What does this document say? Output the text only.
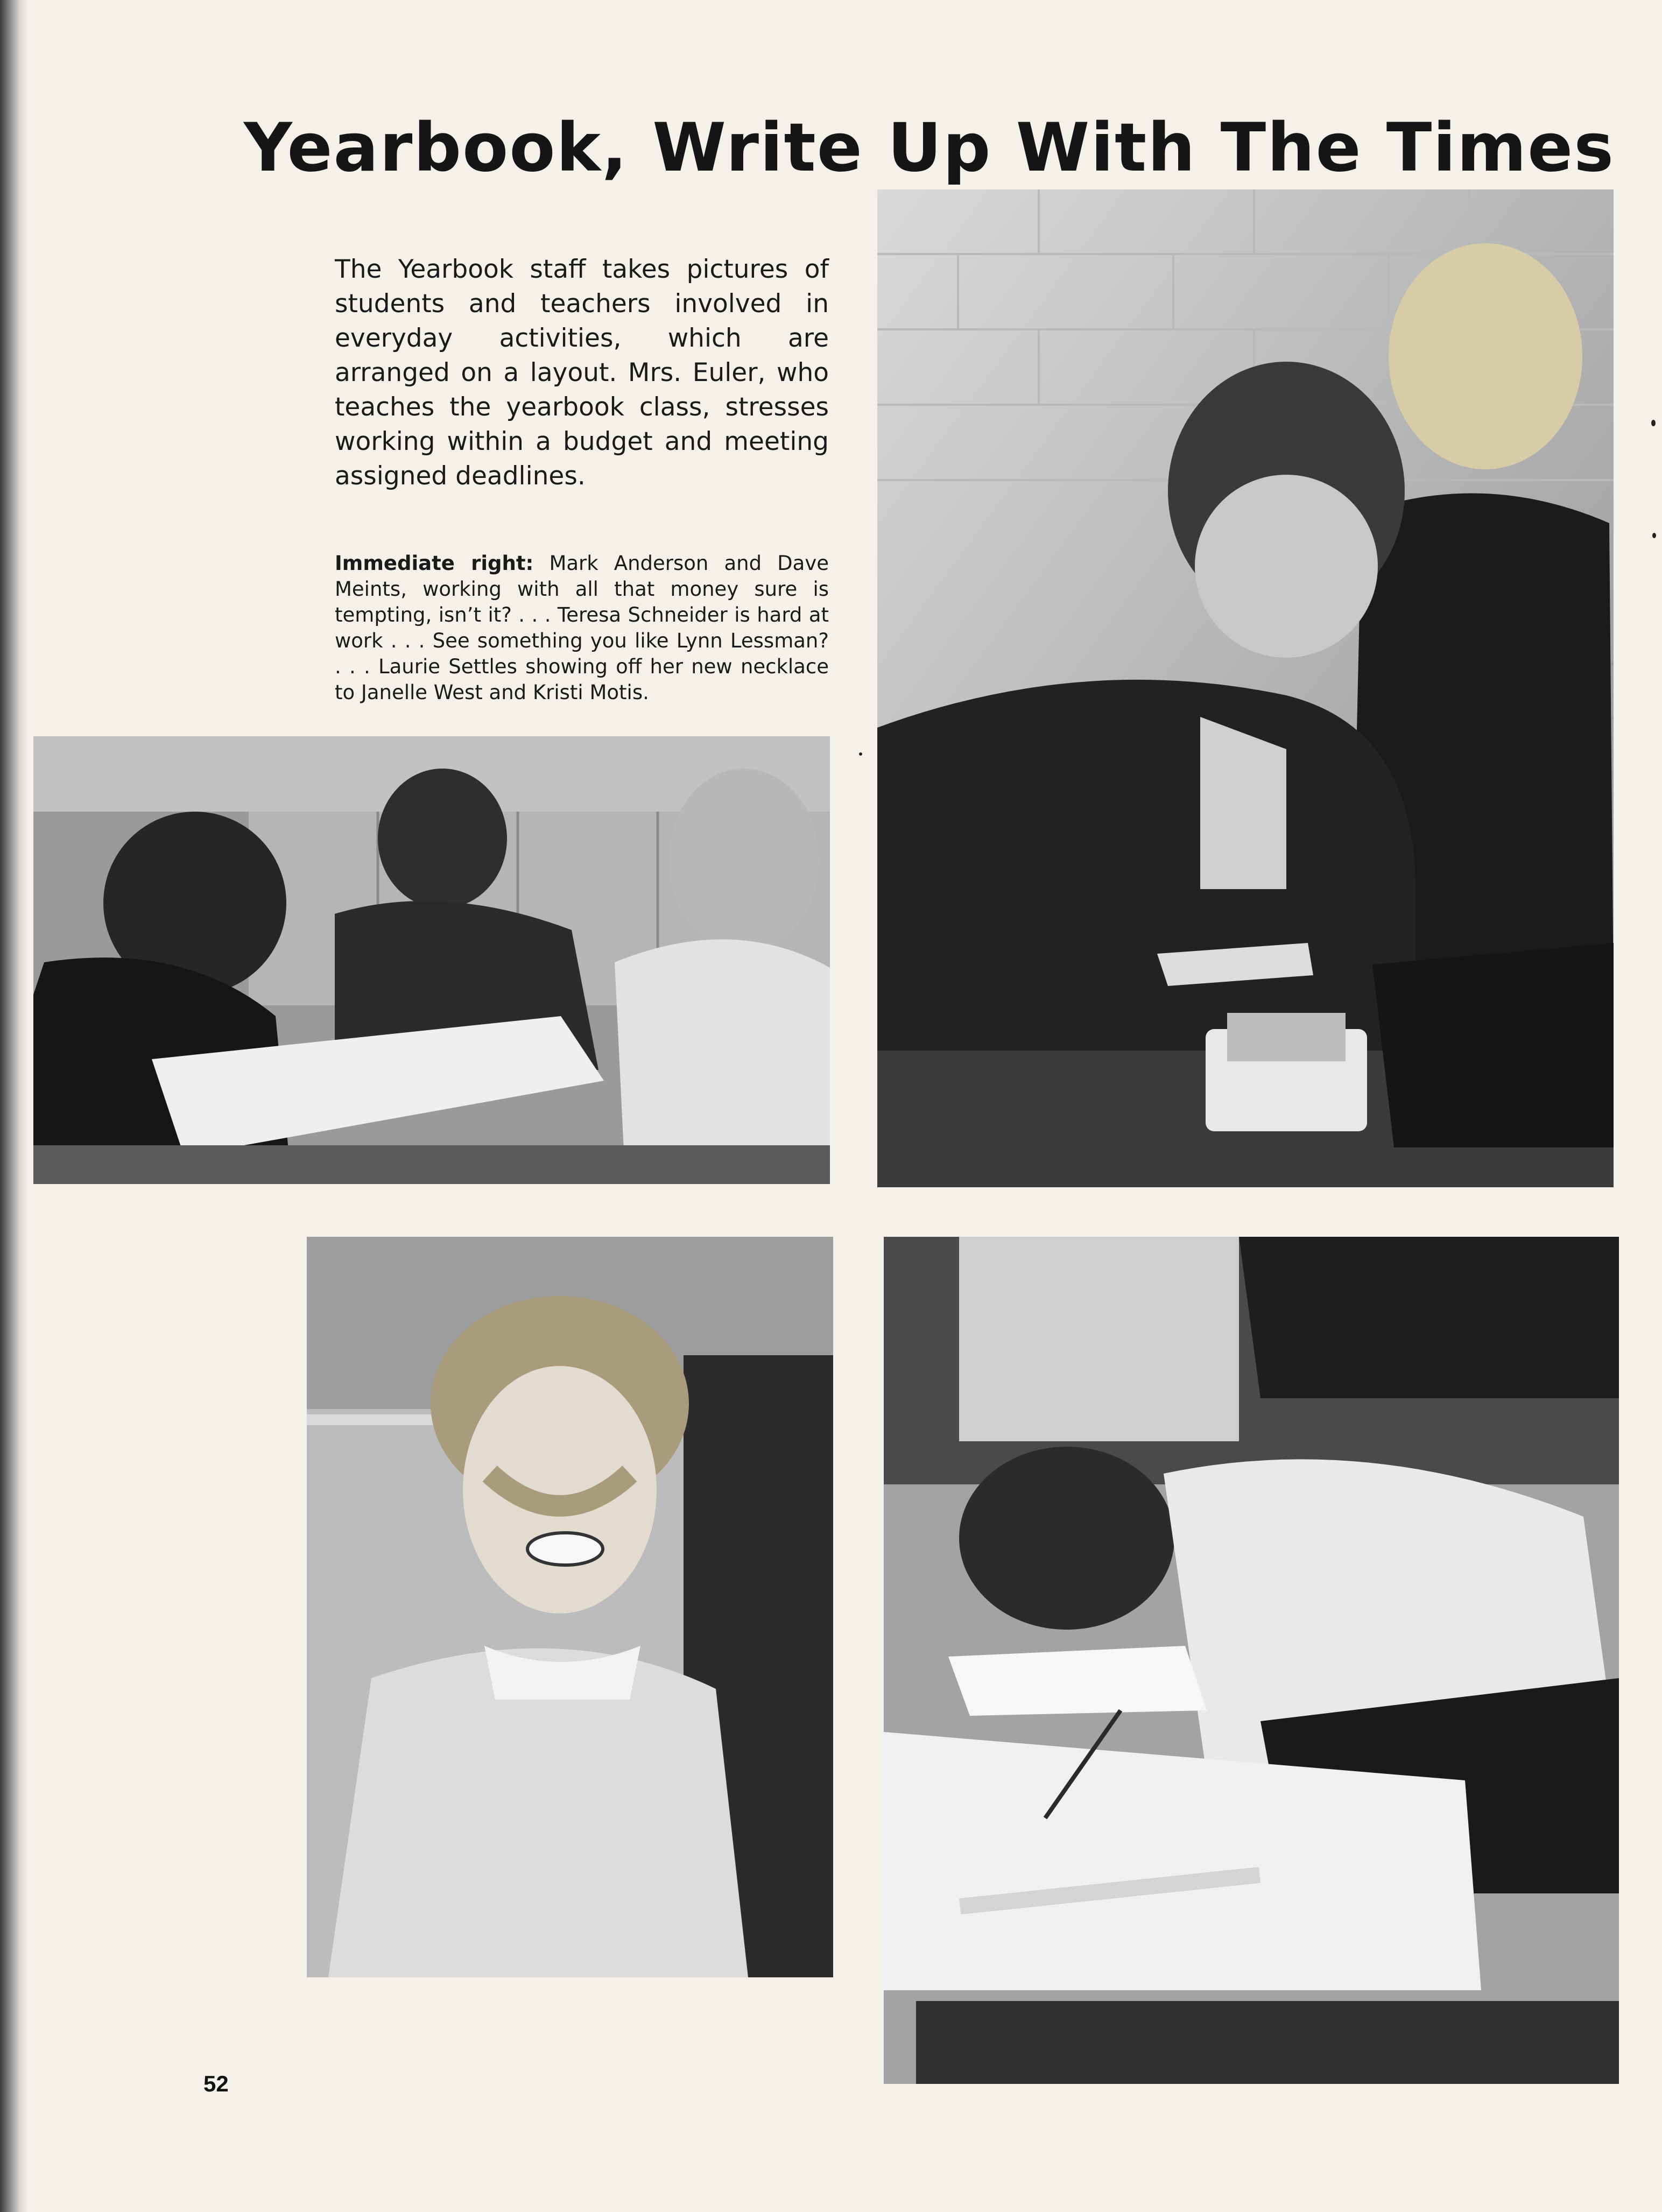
Yearbook, Write Up With The Times

The Yearbook staff takes pictures of students and teachers involved in everyday activities, which are arranged on a layout. Mrs. Euler, who teaches the yearbook class, stresses working within a budget and meeting assigned deadlines.

Immediate right: Mark Anderson and Dave Meints, working with all that money sure is tempting, isn’t it? . . . Teresa Schneider is hard at work . . . See something you like Lynn Lessman? . . . Laurie Settles showing off her new necklace to Janelle West and Kristi Motis.

52
